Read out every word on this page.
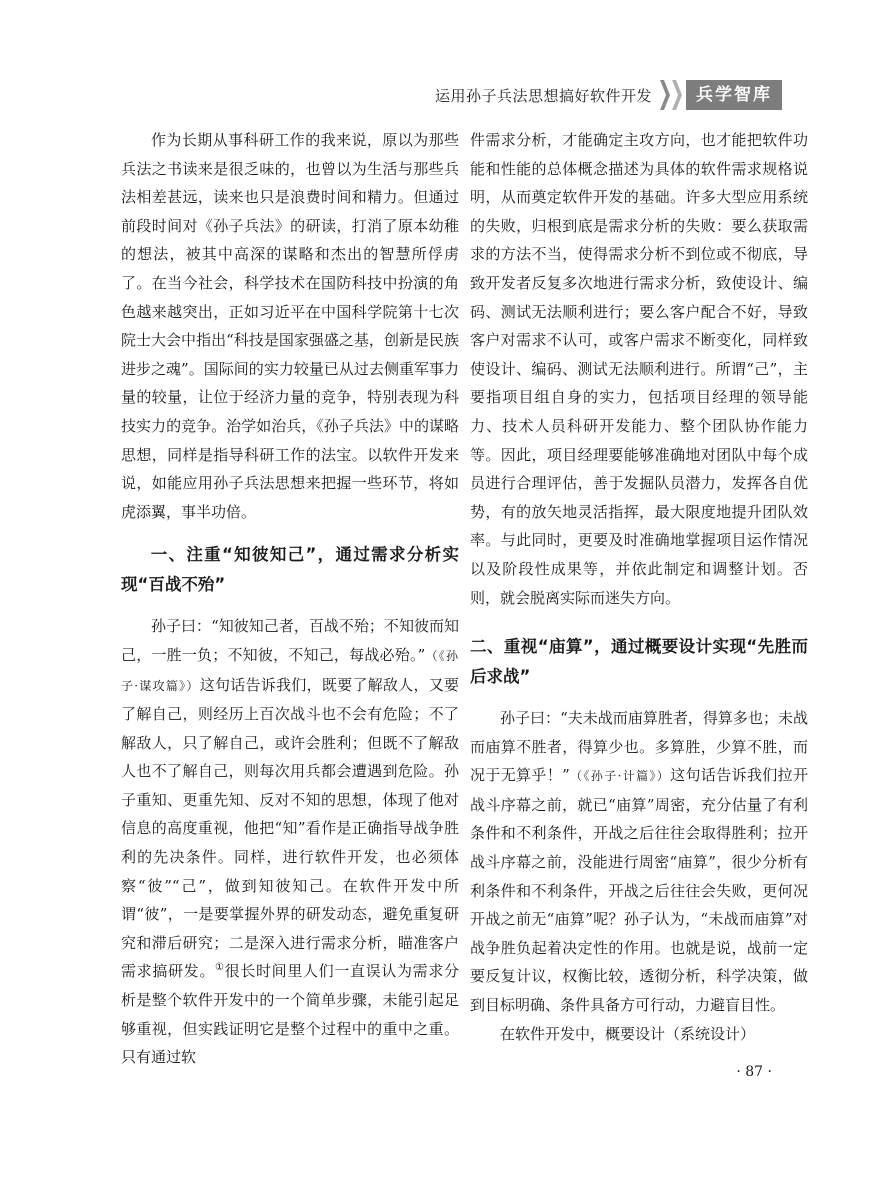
运用孙子兵法思想搞好软件开发	兵学智库

作为长期从事科研工作的我来说，原以为那些兵法之书读来是很乏味的，也曾以为生活与那些兵法相差甚远，读来也只是浪费时间和精力。但通过前段时间对《孙子兵法》的研读，打消了原本幼稚的想法，被其中高深的谋略和杰出的智慧所俘虏了。在当今社会，科学技术在国防科技中扮演的角色越来越突出，正如习近平在中国科学院第十七次院士大会中指出“科技是国家强盛之基，创新是民族进步之魂”。国际间的实力较量已从过去侧重军事力量的较量，让位于经济力量的竞争，特别表现为科技实力的竞争。治学如治兵，《孙子兵法》中的谋略思想，同样是指导科研工作的法宝。以软件开发来说，如能应用孙子兵法思想来把握一些环节，将如虎添翼，事半功倍。

一、注重“知彼知己”，通过需求分析实现“百战不殆”

孙子曰：“知彼知己者，百战不殆；不知彼而知己，一胜一负；不知彼，不知己，每战必殆。”（《孙子·谋攻篇》）这句话告诉我们，既要了解敌人，又要了解自己，则经历上百次战斗也不会有危险；不了解敌人，只了解自己，或许会胜利；但既不了解敌人也不了解自己，则每次用兵都会遭遇到危险。孙子重知、更重先知、反对不知的思想，体现了他对信息的高度重视，他把“知”看作是正确指导战争胜利的先决条件。同样，进行软件开发，也必须体察“彼”“己”，做到知彼知己。在软件开发中所谓“彼”，一是要掌握外界的研发动态，避免重复研究和滞后研究；二是深入进行需求分析，瞄准客户需求搞研发。①很长时间里人们一直误认为需求分析是整个软件开发中的一个简单步骤，未能引起足够重视，但实践证明它是整个过程中的重中之重。只有通过软

件需求分析，才能确定主攻方向，也才能把软件功能和性能的总体概念描述为具体的软件需求规格说明，从而奠定软件开发的基础。许多大型应用系统的失败，归根到底是需求分析的失败：要么获取需求的方法不当，使得需求分析不到位或不彻底，导致开发者反复多次地进行需求分析，致使设计、编码、测试无法顺利进行；要么客户配合不好，导致客户对需求不认可，或客户需求不断变化，同样致使设计、编码、测试无法顺利进行。所谓“己”，主要指项目组自身的实力，包括项目经理的领导能力、技术人员科研开发能力、整个团队协作能力等。因此，项目经理要能够准确地对团队中每个成员进行合理评估，善于发掘队员潜力，发挥各自优势，有的放矢地灵活指挥，最大限度地提升团队效率。与此同时，更要及时准确地掌握项目运作情况以及阶段性成果等，并依此制定和调整计划。否则，就会脱离实际而迷失方向。

二、重视“庙算”，通过概要设计实现“先胜而后求战”

孙子曰：“夫未战而庙算胜者，得算多也；未战而庙算不胜者，得算少也。多算胜，少算不胜，而况于无算乎！”（《孙子·计篇》）这句话告诉我们拉开战斗序幕之前，就已“庙算”周密，充分估量了有利条件和不利条件，开战之后往往会取得胜利；拉开战斗序幕之前，没能进行周密“庙算”，很少分析有利条件和不利条件，开战之后往往会失败，更何况开战之前无“庙算”呢？孙子认为，“未战而庙算”对战争胜负起着决定性的作用。也就是说，战前一定要反复计议，权衡比较，透彻分析，科学决策，做到目标明确、条件具备方可行动，力避盲目性。

在软件开发中，概要设计（系统设计）

· 87 ·
